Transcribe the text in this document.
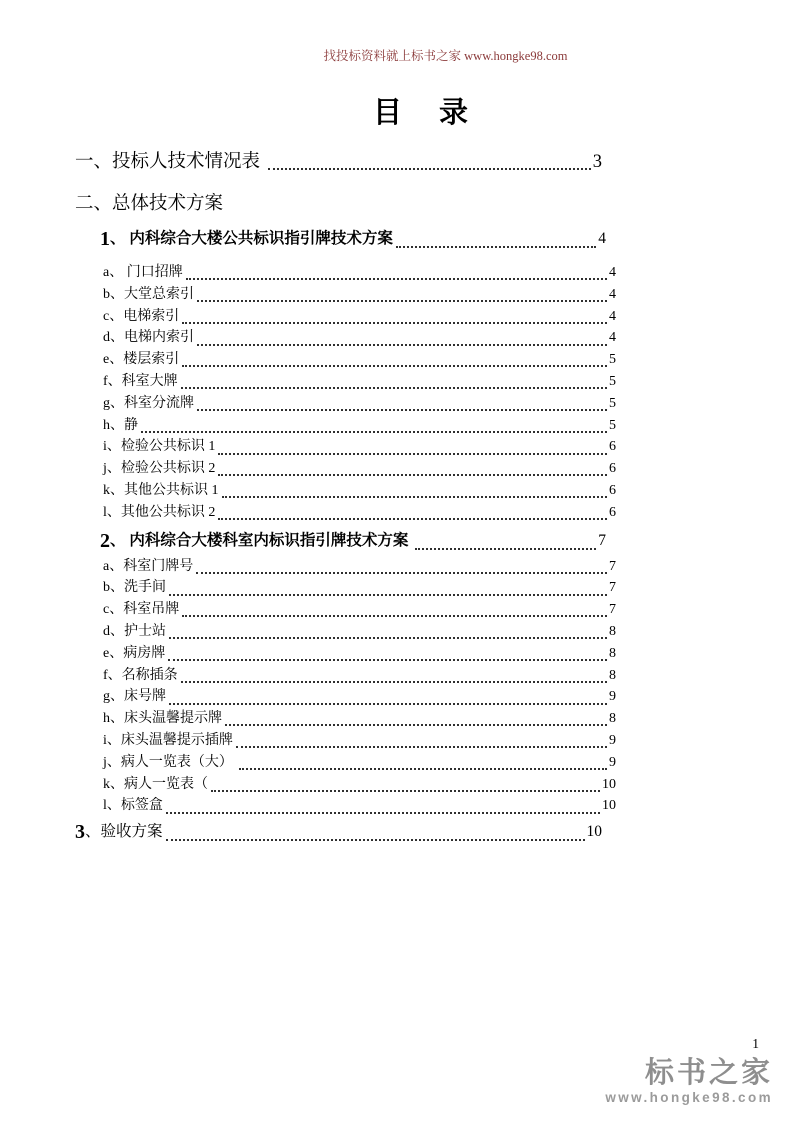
找投标资料就上标书之家 www.hongke98.com
目　录
一、投标人技术情况表	3
二、总体技术方案
1 、 内科综合大楼公共标识指引牌技术方案	4
a、 门口招牌	4
b、大堂总索引	4
c、电梯索引	4
d、电梯内索引	4
e、楼层索引	5
f、科室大牌	5
g、科室分流牌	5
h、静	5
i、检验公共标识 1	6
j、检验公共标识 2	6
k、其他公共标识 1	6
l、其他公共标识 2	6
2 、 内科综合大楼科室内标识指引牌技术方案	7
a、科室门牌号	7
b、洗手间	7
c、科室吊牌	7
d、护士站	8
e、病房牌	8
f、名称插条	8
g、床号牌	9
h、床头温馨提示牌	8
i、床头温馨提示插牌	9
j、病人一览表（大）	9
k、病人一览表（	10
l、标签盒	10
3 、验收方案	10
1
标书之家
www.hongke98.com
